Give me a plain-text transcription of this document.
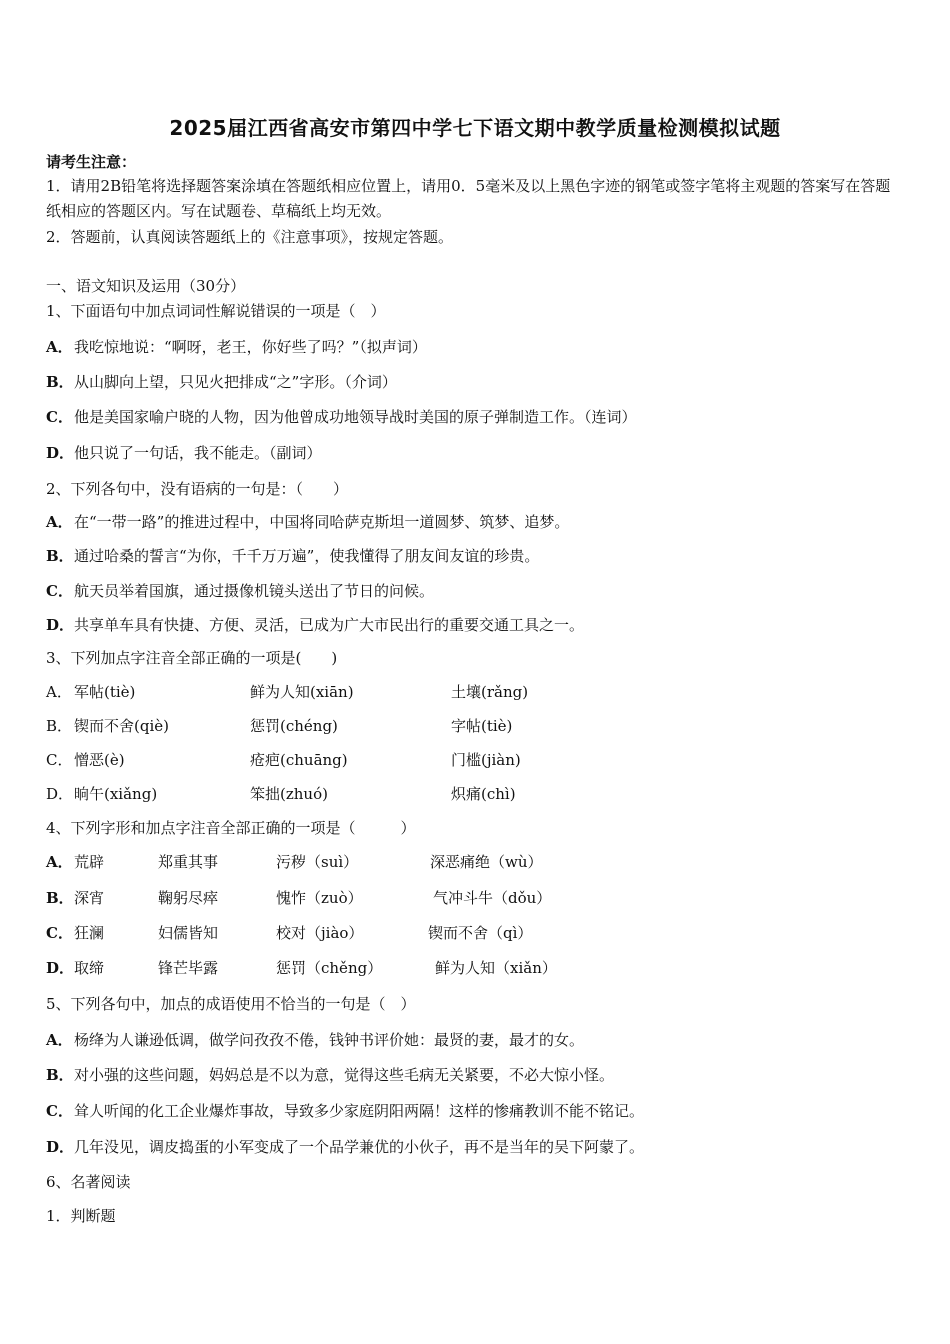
2025届江西省高安市第四中学七下语文期中教学质量检测模拟试题
请考生注意：
1．请用2B铅笔将选择题答案涂填在答题纸相应位置上，请用0．5毫米及以上黑色字迹的钢笔或签字笔将主观题的答案写在答题纸相应的答题区内。写在试题卷、草稿纸上均无效。
2．答题前，认真阅读答题纸上的《注意事项》，按规定答题。
一、语文知识及运用（30分）
1、下面语句中加点词词性解说错误的一项是（　）
A．我吃惊地说：“啊呀，老王，你好些了吗？”（拟声词）
B．从山脚向上望，只见火把排成“之”字形。（介词）
C．他是美国家喻户晓的人物，因为他曾成功地领导战时美国的原子弹制造工作。（连词）
D．他只说了一句话，我不能走。（副词）
2、下列各句中，没有语病的一句是：（　　）
A．在“一带一路”的推进过程中，中国将同哈萨克斯坦一道圆梦、筑梦、追梦。
B．通过哈桑的誓言“为你，千千万万遍”，使我懂得了朋友间友谊的珍贵。
C．航天员举着国旗，通过摄像机镜头送出了节日的问候。
D．共享单车具有快捷、方便、灵活，已成为广大市民出行的重要交通工具之一。
3、下列加点字注音全部正确的一项是(　　)
A． 军帖(tiè)	鲜为人知(xiān)	土壤(rǎng)
B． 锲而不舍(qiè)	惩罚(chéng)	字帖(tiè)
C． 憎恶(è)	疮疤(chuāng)	门槛(jiàn)
D． 晌午(xiǎng)	笨拙(zhuó)	炽痛(chì)
4、下列字形和加点字注音全部正确的一项是（　　　）
A． 荒辟	郑重其事	污秽（suì）	深恶痛绝（wù）
B． 深宵	鞠躬尽瘁	愧怍（zuò）	气冲斗牛（dǒu）
C． 狂澜	妇儒皆知	校对（jiào）	锲而不舍（qì）
D． 取缔	锋芒毕露	惩罚（chěng）	鲜为人知（xiǎn）
5、下列各句中，加点的成语使用不恰当的一句是（　）
A．杨绛为人谦逊低调，做学问孜孜不倦，钱钟书评价她：最贤的妻，最才的女。
B．对小强的这些问题，妈妈总是不以为意，觉得这些毛病无关紧要，不必大惊小怪。
C．耸人听闻的化工企业爆炸事故，导致多少家庭阴阳两隔！这样的惨痛教训不能不铭记。
D．几年没见，调皮捣蛋的小军变成了一个品学兼优的小伙子，再不是当年的吴下阿蒙了。
6、名著阅读
1．判断题
